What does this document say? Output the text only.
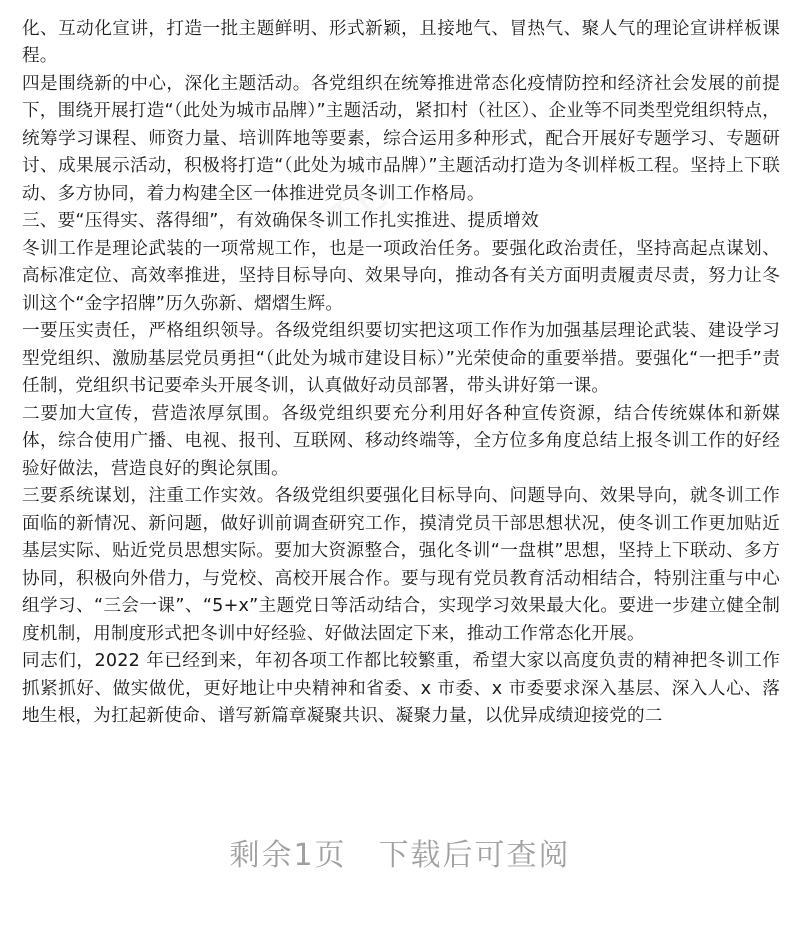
化、互动化宣讲，打造一批主题鲜明、形式新颖，且接地气、冒热气、聚人气的理论宣讲样板课程。

四是围绕新的中心，深化主题活动。各党组织在统筹推进常态化疫情防控和经济社会发展的前提下，围绕开展打造“（此处为城市品牌）”主题活动，紧扣村（社区）、企业等不同类型党组织特点，统筹学习课程、师资力量、培训阵地等要素，综合运用多种形式，配合开展好专题学习、专题研讨、成果展示活动，积极将打造“（此处为城市品牌）”主题活动打造为冬训样板工程。坚持上下联动、多方协同，着力构建全区一体推进党员冬训工作格局。

三、要“压得实、落得细”，有效确保冬训工作扎实推进、提质增效

冬训工作是理论武装的一项常规工作，也是一项政治任务。要强化政治责任，坚持高起点谋划、高标准定位、高效率推进，坚持目标导向、效果导向，推动各有关方面明责履责尽责，努力让冬训这个“金字招牌”历久弥新、熠熠生辉。

一要压实责任，严格组织领导。各级党组织要切实把这项工作作为加强基层理论武装、建设学习型党组织、激励基层党员勇担“（此处为城市建设目标）”光荣使命的重要举措。要强化“一把手”责任制，党组织书记要牵头开展冬训，认真做好动员部署，带头讲好第一课。

二要加大宣传，营造浓厚氛围。各级党组织要充分利用好各种宣传资源，结合传统媒体和新媒体，综合使用广播、电视、报刊、互联网、移动终端等，全方位多角度总结上报冬训工作的好经验好做法，营造良好的舆论氛围。

三要系统谋划，注重工作实效。各级党组织要强化目标导向、问题导向、效果导向，就冬训工作面临的新情况、新问题，做好训前调查研究工作，摸清党员干部思想状况，使冬训工作更加贴近基层实际、贴近党员思想实际。要加大资源整合，强化冬训“一盘棋”思想，坚持上下联动、多方协同，积极向外借力，与党校、高校开展合作。要与现有党员教育活动相结合，特别注重与中心组学习、“三会一课”、“5+x”主题党日等活动结合，实现学习效果最大化。要进一步建立健全制度机制，用制度形式把冬训中好经验、好做法固定下来，推动工作常态化开展。

同志们，2022 年已经到来，年初各项工作都比较繁重，希望大家以高度负责的精神把冬训工作抓紧抓好、做实做优，更好地让中央精神和省委、x 市委、x 市委要求深入基层、深入人心、落地生根，为扛起新使命、谱写新篇章凝聚共识、凝聚力量，以优异成绩迎接党的二

剩余1页 下载后可查阅
